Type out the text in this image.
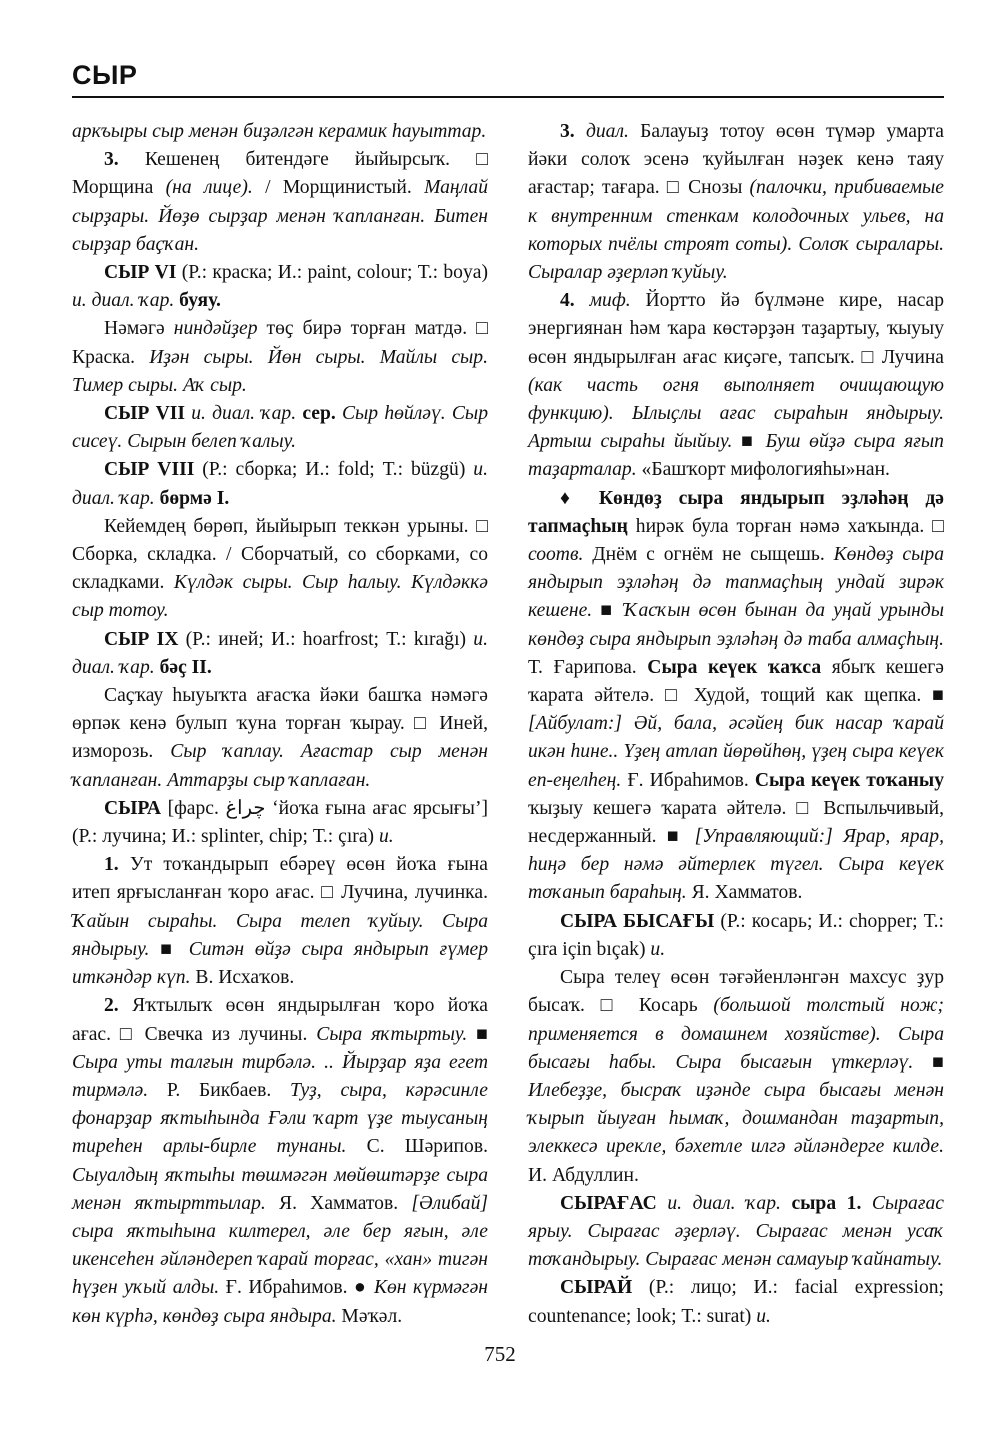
СЫР

аркъыры сыр менән биҙәлгән керамик һауыттар.

3. Кешенең битендәге йыйырсыҡ. □ Морщина (на лице). / Морщинистый. Маңлай сырҙары. Йөҙө сырҙар менән ҡапланған. Битен сырҙар баҫҡан.

СЫР VI (Р.: краска; И.: paint, colour; Т.: boya) и. диал. ҡар. буяу.

Нәмәгә ниндәйҙер төҫ бирә торған матдә. □ Краска. Иҙән сыры. Йөн сыры. Майлы сыр. Тимер сыры. Аҡ сыр.

СЫР VII и. диал. ҡар. сер. Сыр һөйләү. Сыр сисеү. Сырын белеп ҡалыу.

СЫР VIII (Р.: сборка; И.: fold; Т.: büzgü) и. диал. ҡар. бөрмә I.

Кейемдең бөрөп, йыйырып теккән урыны. □ Сборка, складка. / Сборчатый, со сборками, со складками. Күлдәк сыры. Сыр һалыу. Күлдәккә сыр тотоу.

СЫР IX (Р.: иней; И.: hoarfrost; Т.: kırağı) и. диал. ҡар. бәҫ II.

Саҫҡау һыуыҡта ағасҡа йәки башҡа нәмәгә өрпәк кенә булып ҡуна торған ҡырау. □ Иней, изморозь. Сыр ҡаплау. Ағастар сыр менән ҡапланған. Аттарҙы сыр ҡаплаған.

СЫРА [фарс. چراغ ‘йоҡа ғына ағас ярсығы’] (Р.: лучина; И.: splinter, chip; Т.: çıra) и.

1. Ут тоҡандырып ебәреү өсөн йоҡа ғына итеп ярғысланған ҡоро ағас. □ Лучина, лучинка. Ҡайын сыраһы. Сыра телеп ҡуйыу. Сыра яндырыу. ■ Ситән өйҙә сыра яндырып ғүмер иткәндәр күп. В. Исхаҡов.

2. Яҡтылыҡ өсөн яндырылған ҡоро йоҡа ағас. □ Свечка из лучины. Сыра яҡтыртыу. ■ Сыра уты талғын тирбәлә. .. Йырҙар яҙа егет тирмәлә. Р. Бикбаев. Туҙ, сыра, кәрәсинле фонарҙар яҡтыһында Ғәли ҡарт үҙе тыусаның тиреһен арлы-бирле тунаны. С. Шәрипов. Сыуалдың яҡтыһы төшмәгән мөйөштәрҙе сыра менән яҡтырттылар. Я. Хамматов. [Әлибай] сыра яҡтыһына килтерел, әле бер яғын, әле икенсеһен әйләндереп ҡарай торғас, «хан» тигән һүҙен уҡый алды. Ғ. Ибраһимов. ● Көн күрмәгән көн күрһә, көндөҙ сыра яндыра. Мәҡәл.

3. диал. Балауыҙ тотоу өсөн түмәр умарта йәки солоҡ эсенә ҡуйылған нәҙек кенә таяу ағастар; тағара. □ Снозы (палочки, прибиваемые к внутренним стенкам колодочных ульев, на которых пчёлы строят соты). Солоҡ сыралары. Сыралар әҙерләп ҡуйыу.

4. миф. Йортто йә бүлмәне кире, насар энергиянан һәм ҡара көстәрҙән таҙартыу, ҡыуыу өсөн яндырылған ағас киҫәге, тапсыҡ. □ Лучина (как часть огня выполняет очищающую функцию). Ылыҫлы ағас сыраһын яндырыу. Артыш сыраһы йыйыу. ■ Буш өйҙә сыра яғып таҙарталар. «Башҡорт мифологияһы»нан.

♦ Көндөҙ сыра яндырып эҙләһәң дә тапмаҫһың һирәк була торған нәмә хаҡында. □ соотв. Днём с огнём не сыщешь. Көндөҙ сыра яндырып эҙләһәң дә тапмаҫһың ундай зирәк кешене. ■ Ҡасҡын өсөн бынан да уңай урынды көндөҙ сыра яндырып эҙләһәң дә таба алмаҫһың. Т. Ғарипова. Сыра кеүек ҡаҡса ябыҡ кешегә ҡарата әйтелә. □ Худой, тощий как щепка. ■ [Айбулат:] Әй, бала, әсәйең бик насар ҡарай икән һине.. Үҙең атлап йөрөйһөң, үҙең сыра кеүек еп-еңелһең. Ғ. Ибраһимов. Сыра кеүек тоҡаныу ҡыҙыу кешегә ҡарата әйтелә. □ Вспыльчивый, несдержанный. ■ [Управляющий:] Ярар, ярар, һиңә бер нәмә әйтерлек түгел. Сыра кеүек тоҡанып бараһың. Я. Хамматов.

СЫРА БЫСАҒЫ (Р.: косарь; И.: chopper; Т.: çıra için bıçak) и.

Сыра телеү өсөн тәғәйенләнгән махсус ҙур бысаҡ. □ Косарь (большой толстый нож; применяется в домашнем хозяйстве). Сыра бысағы һабы. Сыра бысағын үткерләү. ■ Илебеҙҙе, бысраҡ иҙәнде сыра бысағы менән ҡырып йыуған һымаҡ, дошмандан таҙартып, элеккесә ирекле, бәхетле илгә әйләндерге килде. И. Абдуллин.

СЫРАҒАС и. диал. ҡар. сыра 1. Сырағас ярыу. Сырағас әҙерләү. Сырағас менән усаҡ тоҡандырыу. Сырағас менән самауыр ҡайнатыу.

СЫРАЙ (Р.: лицо; И.: facial expression; countenance; look; Т.: surat) и.

752
